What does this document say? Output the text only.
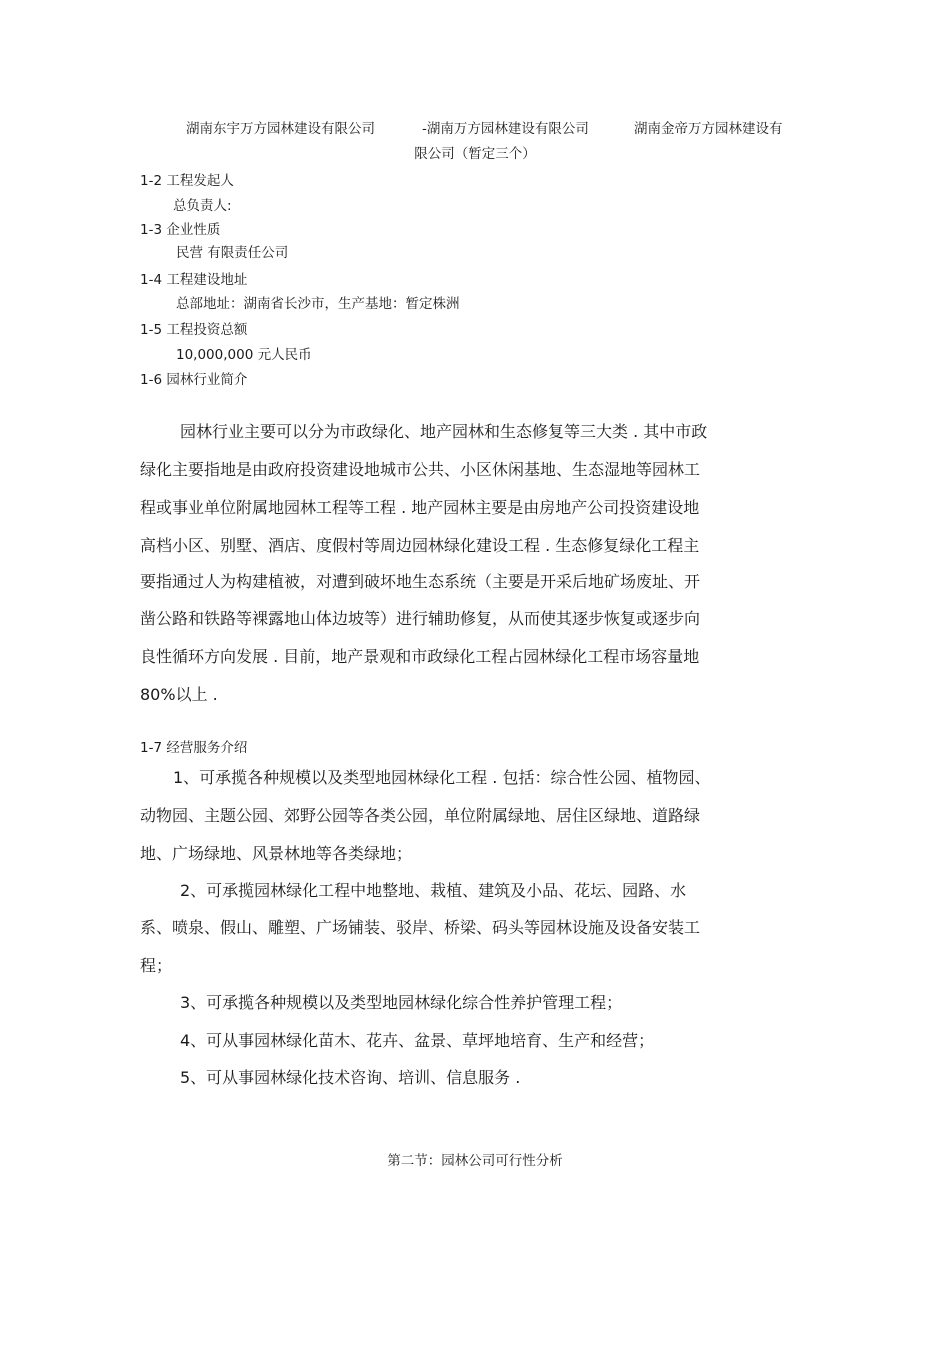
湖南东宇万方园林建设有限公司	-湖南万方园林建设有限公司	湖南金帝万方园林建设有
限公司（暂定三个）
1-2 工程发起人
总负责人:
1-3 企业性质
民营 有限责任公司
1-4 工程建设地址
总部地址：湖南省长沙市，生产基地：暂定株洲
1-5 工程投资总额
10,000,000 元人民币
1-6 园林行业简介
园林行业主要可以分为市政绿化、地产园林和生态修复等三大类 . 其中市政
绿化主要指地是由政府投资建设地城市公共、小区休闲基地、生态湿地等园林工
程或事业单位附属地园林工程等工程 . 地产园林主要是由房地产公司投资建设地
高档小区、别墅、酒店、度假村等周边园林绿化建设工程 . 生态修复绿化工程主
要指通过人为构建植被，对遭到破坏地生态系统（主要是开采后地矿场废址、开
凿公路和铁路等裸露地山体边坡等）进行辅助修复，从而使其逐步恢复或逐步向
良性循环方向发展 . 目前，地产景观和市政绿化工程占园林绿化工程市场容量地
80%以上 .
1-7 经营服务介绍
1、可承揽各种规模以及类型地园林绿化工程 . 包括：综合性公园、植物园、
动物园、主题公园、郊野公园等各类公园，单位附属绿地、居住区绿地、道路绿
地、广场绿地、风景林地等各类绿地；
2、可承揽园林绿化工程中地整地、栽植、建筑及小品、花坛、园路、水
系、喷泉、假山、雕塑、广场铺装、驳岸、桥梁、码头等园林设施及设备安装工
程；
3、可承揽各种规模以及类型地园林绿化综合性养护管理工程；
4、可从事园林绿化苗木、花卉、盆景、草坪地培育、生产和经营；
5、可从事园林绿化技术咨询、培训、信息服务 .
第二节：园林公司可行性分析
